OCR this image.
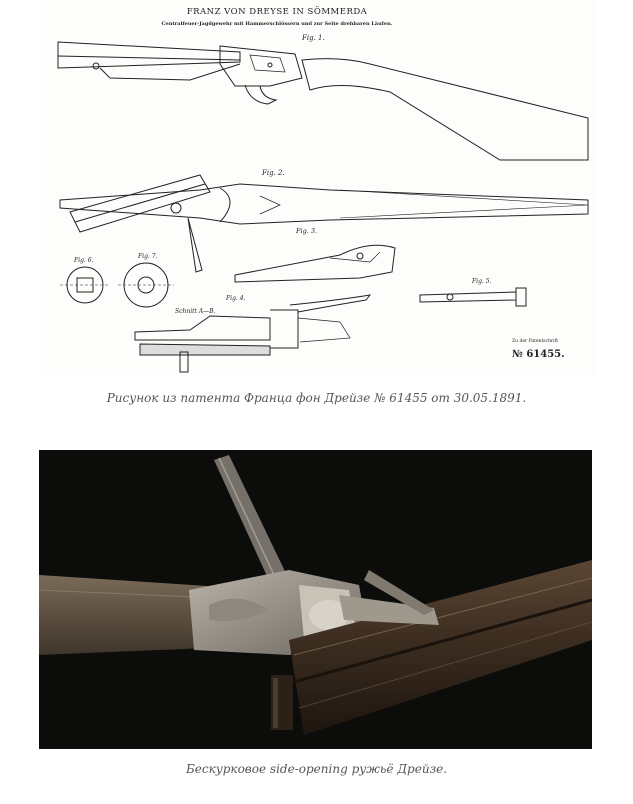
FRANZ VON DREYSE IN SÖMMERDA
Centralfeuer-Jagdgewehr mit Hammerschlössern und zur Seite drehbaren Läufen.
Fig. 1.
Fig. 2.
Fig. 6.
Fig. 7.
Fig. 3.
Fig. 5.
Schnitt A—B.
Fig. 4.
Zu der Patentschrift
№ 61455.
Рисунок из патента Франца фон Дрейзе № 61455 от 30.05.1891.
Бескурковое side-opening ружьё Дрейзе.
